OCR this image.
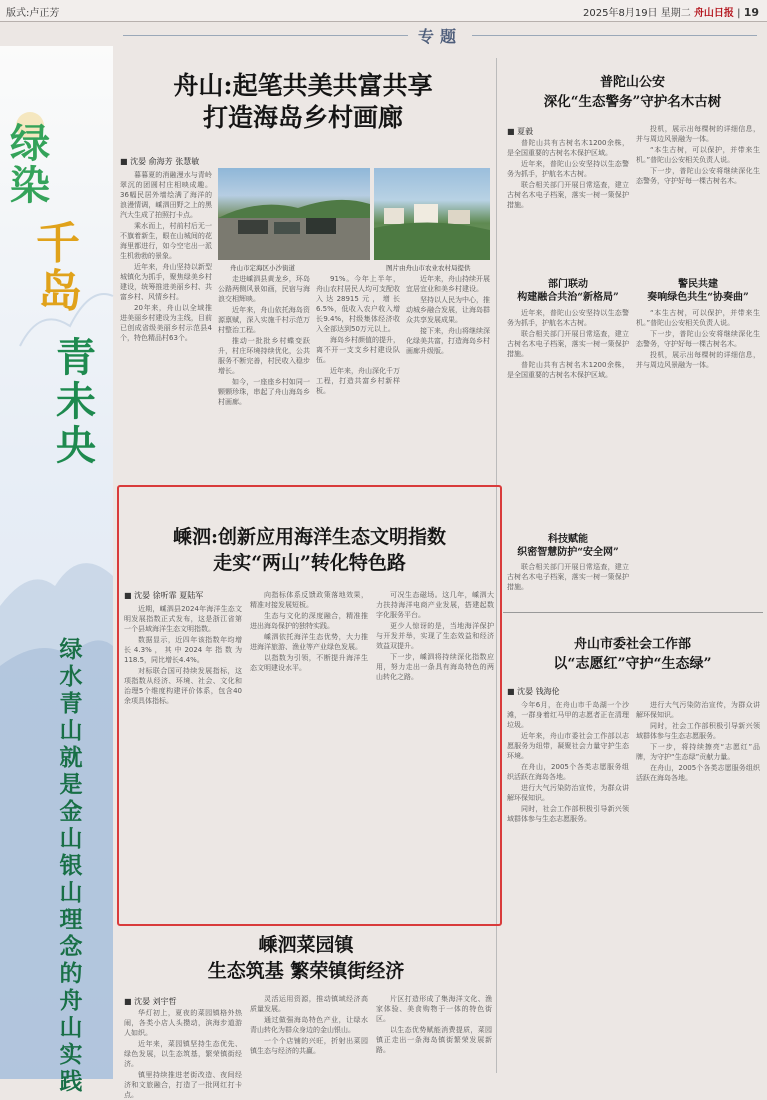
版式:卢正芳	2025年8月19日 星期二 舟山日报 | 19
专题
绿
染
千
岛
青
未
央
绿水青山就是金山银山理念的舟山实践
舟山:起笔共美共富共享
打造海岛乡村画廊
■ 沈晏 俞海芳 张慧敏

暮暮夏的消融漫水与青岭翠沉的团圆村庄相映成趣。36幅民居外墙绘满了海洋的浪漫情调，嵊泗田野之上的黑汽大生成了拍照打卡点。

乘水而上，村前村后无一不旗着新生，眼在山城间的花海里都进行，如今空宅出一派生机勃勃的景象。

近年来，舟山坚持以新型城镇化为抓手，聚焦绿美乡村建设，统筹推进美丽乡村、共富乡村、风情乡村。

20年来，舟山以全域推进美丽乡村建设为主线，目前已创成省级美丽乡村示范县4个，特色精品村63个。

舟山市定海区小沙街道	图片由舟山市农业农村局提供

走进嵊泗县黄龙乡，环岛公路两侧风景如画，民宿与海浪交相辉映。

近年来，舟山依托海岛资源禀赋，深入实施千村示范万村整治工程。

推动一批批乡村蝶变跃升，村庄环境持续优化，公共服务不断完善，村民收入稳步增长。

如今，一座座乡村如同一颗颗珍珠，串起了舟山海岛乡村画廊。

91%。今年上半年，舟山农村居民人均可支配收入达28915元，增长6.5%，低收入农户收入增长9.4%，村级集体经济收入全部达到50万元以上。

海岛乡村颜值的提升，离不开一支支乡村建设队伍。

近年来，舟山深化千万工程，打造共富乡村新样板。

近年来，舟山持续开展宜居宜业和美乡村建设。

坚持以人民为中心，推动城乡融合发展，让海岛群众共享发展成果。

接下来，舟山将继续深化绿美共富，打造海岛乡村画廊升级版。

普陀山公安
深化“生态警务”守护名木古树
■ 夏毅

普陀山共有古树名木1200余株，是全国重要的古树名木保护区域。

近年来，普陀山公安坚持以生态警务为抓手，护航名木古树。

联合相关部门开展日常巡查，建立古树名木电子档案，落实一树一策保护措施。

投机，展示出每棵树的详细信息，并与周边风景融为一体。

“本生古树，可以保护，并带来生机。”普陀山公安相关负责人说。

下一步，普陀山公安将继续深化生态警务，守护好每一棵古树名木。

部门联动
构建融合共治“新格局”

近年来，普陀山公安坚持以生态警务为抓手，护航名木古树。

联合相关部门开展日常巡查，建立古树名木电子档案，落实一树一策保护措施。

普陀山共有古树名木1200余株，是全国重要的古树名木保护区域。

警民共建
奏响绿色共生“协奏曲”

“本生古树，可以保护，并带来生机。”普陀山公安相关负责人说。

下一步，普陀山公安将继续深化生态警务，守护好每一棵古树名木。

投机，展示出每棵树的详细信息，并与周边风景融为一体。

科技赋能
织密智慧防护“安全网”

联合相关部门开展日常巡查，建立古树名木电子档案，落实一树一策保护措施。

舟山市委社会工作部
以“志愿红”守护“生态绿”
■ 沈晏 钱海伦

今年6月，在舟山市千岛湖一个沙滩，一群身着红马甲的志愿者正在清理垃圾。

近年来，舟山市委社会工作部以志愿服务为纽带，凝聚社会力量守护生态环境。

在舟山，2005个各类志愿服务组织活跃在海岛各地。

进行大气污染防治宣传，为群众讲解环保知识。

同时，社会工作部积极引导新兴领域群体参与生态志愿服务。

进行大气污染防治宣传，为群众讲解环保知识。

同时，社会工作部积极引导新兴领域群体参与生态志愿服务。

下一步，将持续擦亮“志愿红”品牌，为守护“生态绿”贡献力量。

在舟山，2005个各类志愿服务组织活跃在海岛各地。

嵊泗:创新应用海洋生态文明指数
走实“两山”转化特色路
■ 沈晏 徐听霏 夏陆军

近期，嵊泗县2024年海洋生态文明发展指数正式发布，这是浙江省第一个县域海洋生态文明指数。

数据显示，近四年该指数年均增长4.3%，其中2024年指数为118.5，同比增长4.4%。

对标联合国可持续发展指标，这项指数从经济、环境、社会、文化和治理5个维度构建评价体系，包含40余项具体指标。

向指标体系反馈政策落地效果，精准对接发展短板。

生态与文化的深度融合，精准推进出海岛保护的独特实践。

嵊泗依托海洋生态优势，大力推进海洋旅游、渔业等产业绿色发展。

以指数为引领，不断提升海洋生态文明建设水平。

可况生态磁场。这几年，嵊泗大力扶持海洋电商产业发展，搭建起数字化服务平台。

更少人惊讶的是，当地海洋保护与开发并举，实现了生态效益和经济效益双提升。

下一步，嵊泗将持续深化指数应用，努力走出一条具有海岛特色的两山转化之路。

嵊泗菜园镇
生态筑基 繁荣镇街经济
■ 沈晏 刘宇哲

华灯初上，夏夜的菜园镇格外热闹，各类小店人头攒动，滨海步道游人如织。

近年来，菜园镇坚持生态优先、绿色发展，以生态筑基，繁荣镇街经济。

镇里持续推进老街改造、夜间经济和文旅融合，打造了一批网红打卡点。

灵活运用资源，推动镇域经济高质量发展。

通过做强海岛特色产业，让绿水青山转化为群众身边的金山银山。

一个个店铺的兴旺，折射出菜园镇生态与经济的共赢。

片区打造形成了集海洋文化、渔家体验、美食购物于一体的特色街区。

以生态优势赋能消费提质，菜园镇正走出一条海岛镇街繁荣发展新路。
